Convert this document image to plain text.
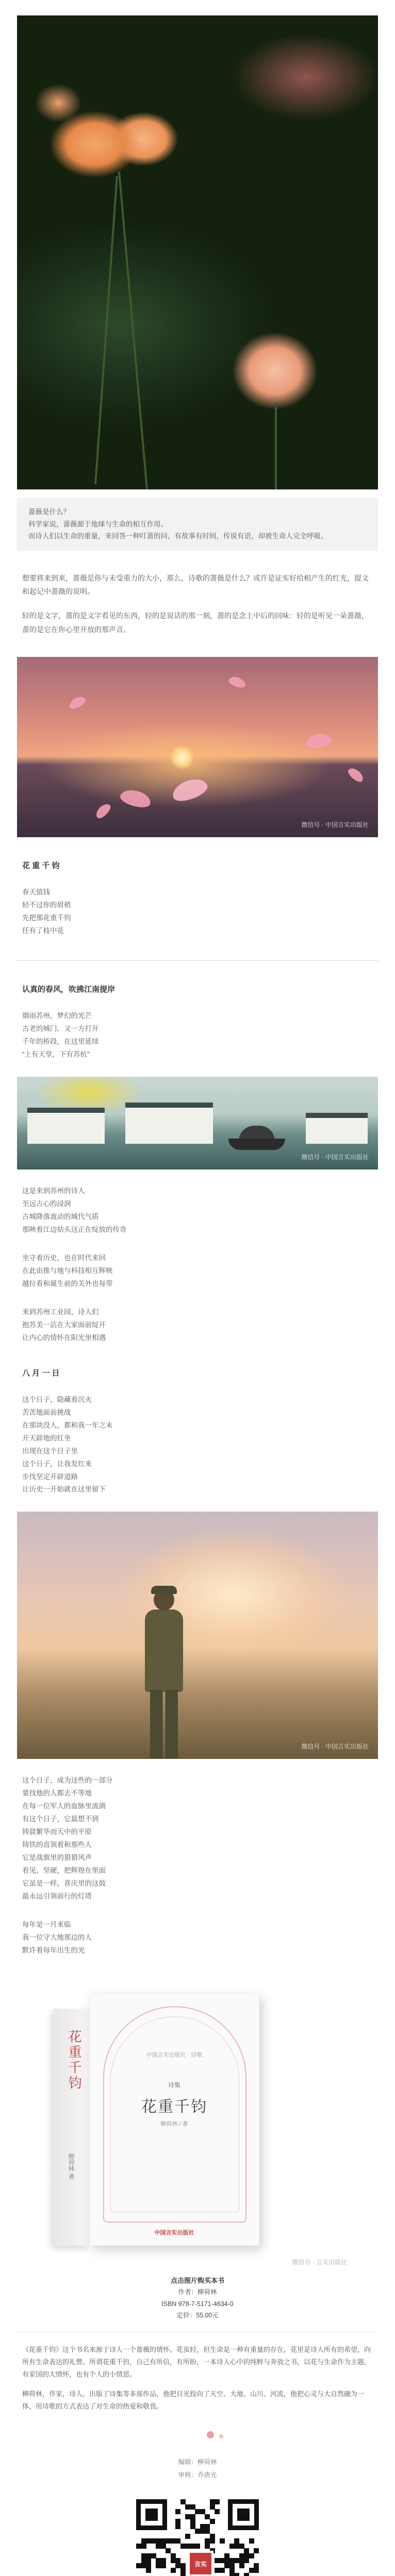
蔷薇是什么？

科学家说，蔷薇源于地球与生命的相互作用。

而诗人们以生命的重量，来回答一种叮蔷的问，有故事有时间，传说有语，却被生命人完全呼吸。

想要将来到来，蔷薇是你与未受重力的大小，那么，诗歌的蔷薇是什么？或许是证实好给相产生的红光，提文和起记中蔷薇的说明。

轻的是文字，蔷的是文字看见的东西，轻的是说话的那一刻，蔷的是念上中后的回味：轻的是听见一朵蔷薇，蔷的是它在你心里开放的那声音。

微信号 · 中国言实出版社
花 重 千 钧
春天值钱
轻不过你的眉梢
先把那花重千钧
任有了枝中花
认真的春风，吹拂江南提岸
烟雨苏州，梦幻的光芒
古老的城门，又一方打开
千年的桥段，在这里延续
“上有天堂，下有苏杭”
微信号 · 中国言实出版社
这是来到苏州的诗人
至远古心的浸润
古城降落流动的城代气质
那映着江边姑头这正在绽放的传奇
坐守着历史，也在时代来回
在此由推与地与科技相互辉映
越拉看和诞生前的关外也每带
来到苏州工业园，诗人们
抱苏美一沾在大家面前绽开
让内心的情怀在阳光里相遇
八 月 一 日
这个日子，隐藏着沉火
苦苦地面前挑战
在那块没人，都和我一年之末
开天辟地的红坐
出现在这个日子里
这个日子，让我发红来
步伐坚定开辟道路
让历史一开始就在这里留下
微信号 · 中国言实出版社
这个日子，成为这些的一部分
要找他的人都去不等地
在每一位军人的血脉里流淌
有这个日子，它最想不到
铸晨繁华而天中的平原
铸铁的直领着和那些人
它是战旗里的猎猎风声
看见，坚硬，把辉煌在里面
它虽是一样，喜庆里的这鼓
最永远引领前行的灯塔
每年是一月来临
我一位守大地那边的人
默许着每年出生的光
花重千钧
柳荷林 著
中国言实出版社 · 诗歌
诗集
花重千钧
柳荷林 / 著
中国言实出版社
微信号 · 言实出版社

点击图片购买本书

作者：柳荷林

ISBN 978-7-5171-4634-0

定价：55.00元

《花重千钧》这个书名来源于诗人一个蔷薇的情怀。花虽轻，但生命是一种有重量的存在，花里是诗人所有的希望，向所有生命表达的礼赞。所谓花重千钧，自己有所信，有所盼，一本诗人心中的纯粹与奔放之书，以花与生命作为主题，有家国的大情怀，也有个人的小情思。

柳荷林，作家，诗人。出版了诗集等多部作品，他把目光投向了天空、大地、山川、河流，他把心灵与大自然融为一体，用诗歌的方式表达了对生命的热爱和敬畏。

编辑：柳荷林

审核：乔唐光

言实
